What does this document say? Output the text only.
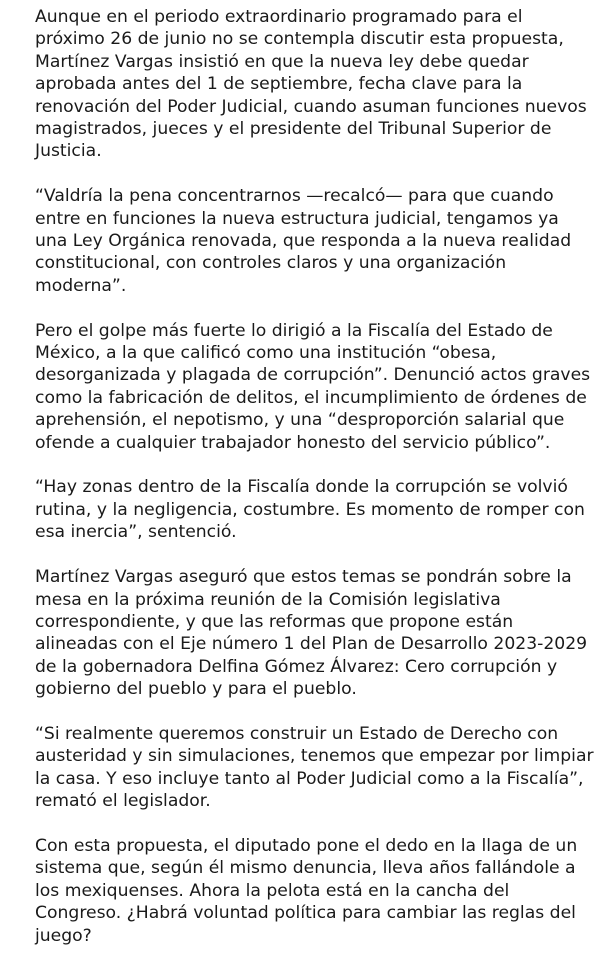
Aunque en el periodo extraordinario programado para el próximo 26 de junio no se contempla discutir esta propuesta, Martínez Vargas insistió en que la nueva ley debe quedar aprobada antes del 1 de septiembre, fecha clave para la renovación del Poder Judicial, cuando asuman funciones nuevos magistrados, jueces y el presidente del Tribunal Superior de Justicia.

“Valdría la pena concentrarnos —recalcó— para que cuando entre en funciones la nueva estructura judicial, tengamos ya una Ley Orgánica renovada, que responda a la nueva realidad constitucional, con controles claros y una organización moderna”.

Pero el golpe más fuerte lo dirigió a la Fiscalía del Estado de México, a la que calificó como una institución “obesa, desorganizada y plagada de corrupción”. Denunció actos graves como la fabricación de delitos, el incumplimiento de órdenes de aprehensión, el nepotismo, y una “desproporción salarial que ofende a cualquier trabajador honesto del servicio público”.

“Hay zonas dentro de la Fiscalía donde la corrupción se volvió rutina, y la negligencia, costumbre. Es momento de romper con esa inercia”, sentenció.

Martínez Vargas aseguró que estos temas se pondrán sobre la mesa en la próxima reunión de la Comisión legislativa correspondiente, y que las reformas que propone están alineadas con el Eje número 1 del Plan de Desarrollo 2023-2029 de la gobernadora Delfina Gómez Álvarez: Cero corrupción y gobierno del pueblo y para el pueblo.

“Si realmente queremos construir un Estado de Derecho con austeridad y sin simulaciones, tenemos que empezar por limpiar la casa. Y eso incluye tanto al Poder Judicial como a la Fiscalía”, remató el legislador.

Con esta propuesta, el diputado pone el dedo en la llaga de un sistema que, según él mismo denuncia, lleva años fallándole a los mexiquenses. Ahora la pelota está en la cancha del Congreso. ¿Habrá voluntad política para cambiar las reglas del juego?
